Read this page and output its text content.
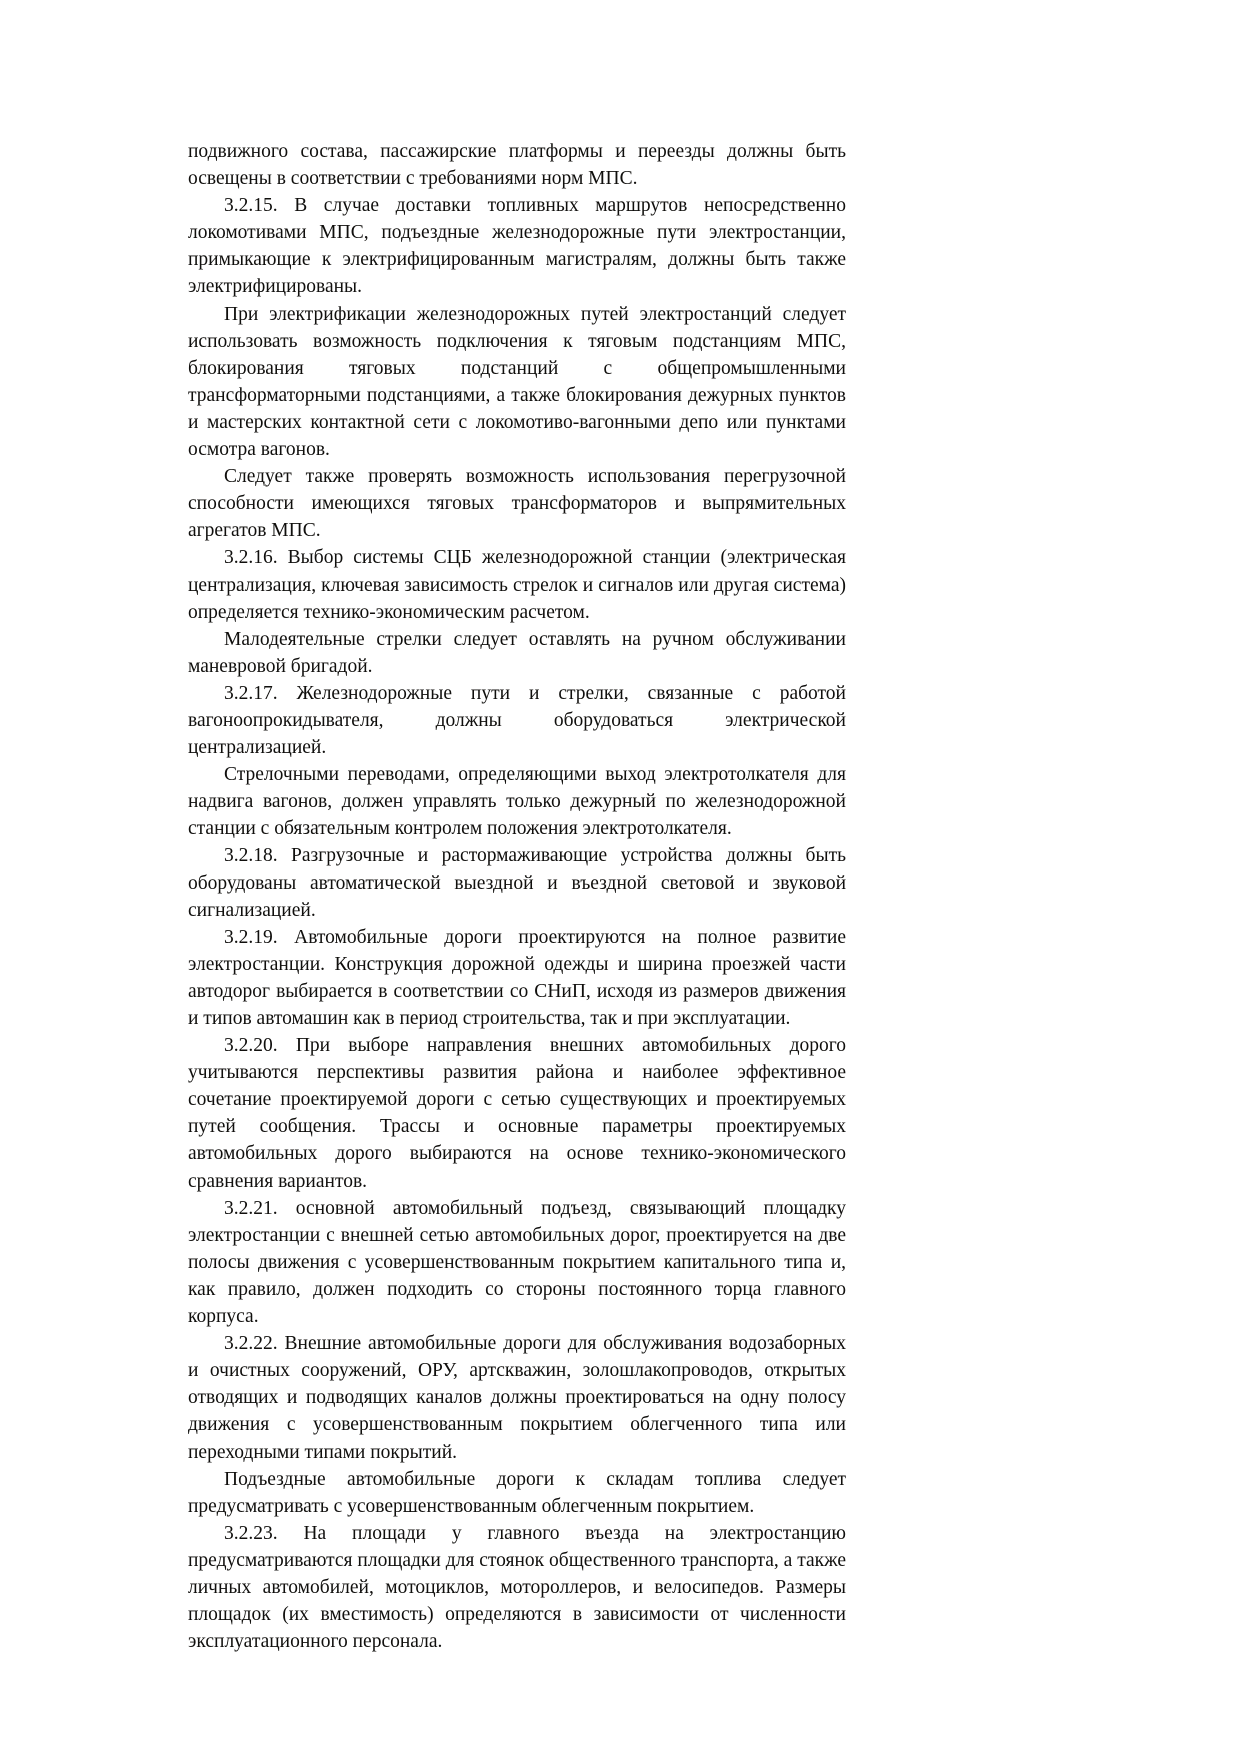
подвижного состава, пассажирские платформы и переезды должны быть освещены в соответствии с требованиями норм МПС.

3.2.15. В случае доставки топливных маршрутов непосредственно локомотивами МПС, подъездные железнодорожные пути электростанции, примыкающие к электрифицированным магистралям, должны быть также электрифицированы.

При электрификации железнодорожных путей электростанций следует использовать возможность подключения к тяговым подстанциям МПС, блокирования тяговых подстанций с общепромышленными трансформаторными подстанциями, а также блокирования дежурных пунктов и мастерских контактной сети с локомотиво-вагонными депо или пунктами осмотра вагонов.

Следует также проверять возможность использования перегрузочной способности имеющихся тяговых трансформаторов и выпрямительных агрегатов МПС.

3.2.16. Выбор системы СЦБ железнодорожной станции (электрическая централизация, ключевая зависимость стрелок и сигналов или другая система) определяется технико-экономическим расчетом.

Малодеятельные стрелки следует оставлять на ручном обслуживании маневровой бригадой.

3.2.17. Железнодорожные пути и стрелки, связанные с работой вагоноопрокидывателя, должны оборудоваться электрической централизацией.

Стрелочными переводами, определяющими выход электротолкателя для надвига вагонов, должен управлять только дежурный по железнодорожной станции с обязательным контролем положения электротолкателя.

3.2.18. Разгрузочные и растормаживающие устройства должны быть оборудованы автоматической выездной и въездной световой и звуковой сигнализацией.

3.2.19. Автомобильные дороги проектируются на полное развитие электростанции. Конструкция дорожной одежды и ширина проезжей части автодорог выбирается в соответствии со СНиП, исходя из размеров движения и типов автомашин как в период строительства, так и при эксплуатации.

3.2.20. При выборе направления внешних автомобильных дорого учитываются перспективы развития района и наиболее эффективное сочетание проектируемой дороги с сетью существующих и проектируемых путей сообщения. Трассы и основные параметры проектируемых автомобильных дорого выбираются на основе технико-экономического сравнения вариантов.

3.2.21. основной автомобильный подъезд, связывающий площадку электростанции с внешней сетью автомобильных дорог, проектируется на две полосы движения с усовершенствованным покрытием капитального типа и, как правило, должен подходить со стороны постоянного торца главного корпуса.

3.2.22. Внешние автомобильные дороги для обслуживания водозаборных и очистных сооружений, ОРУ, артскважин, золошлакопроводов, открытых отводящих и подводящих каналов должны проектироваться на одну полосу движения с усовершенствованным покрытием облегченного типа или переходными типами покрытий.

Подъездные автомобильные дороги к складам топлива следует предусматривать с усовершенствованным облегченным покрытием.

3.2.23. На площади у главного въезда на электростанцию предусматриваются площадки для стоянок общественного транспорта, а также личных автомобилей, мотоциклов, мотороллеров, и велосипедов. Размеры площадок (их вместимость) определяются в зависимости от численности эксплуатационного персонала.
